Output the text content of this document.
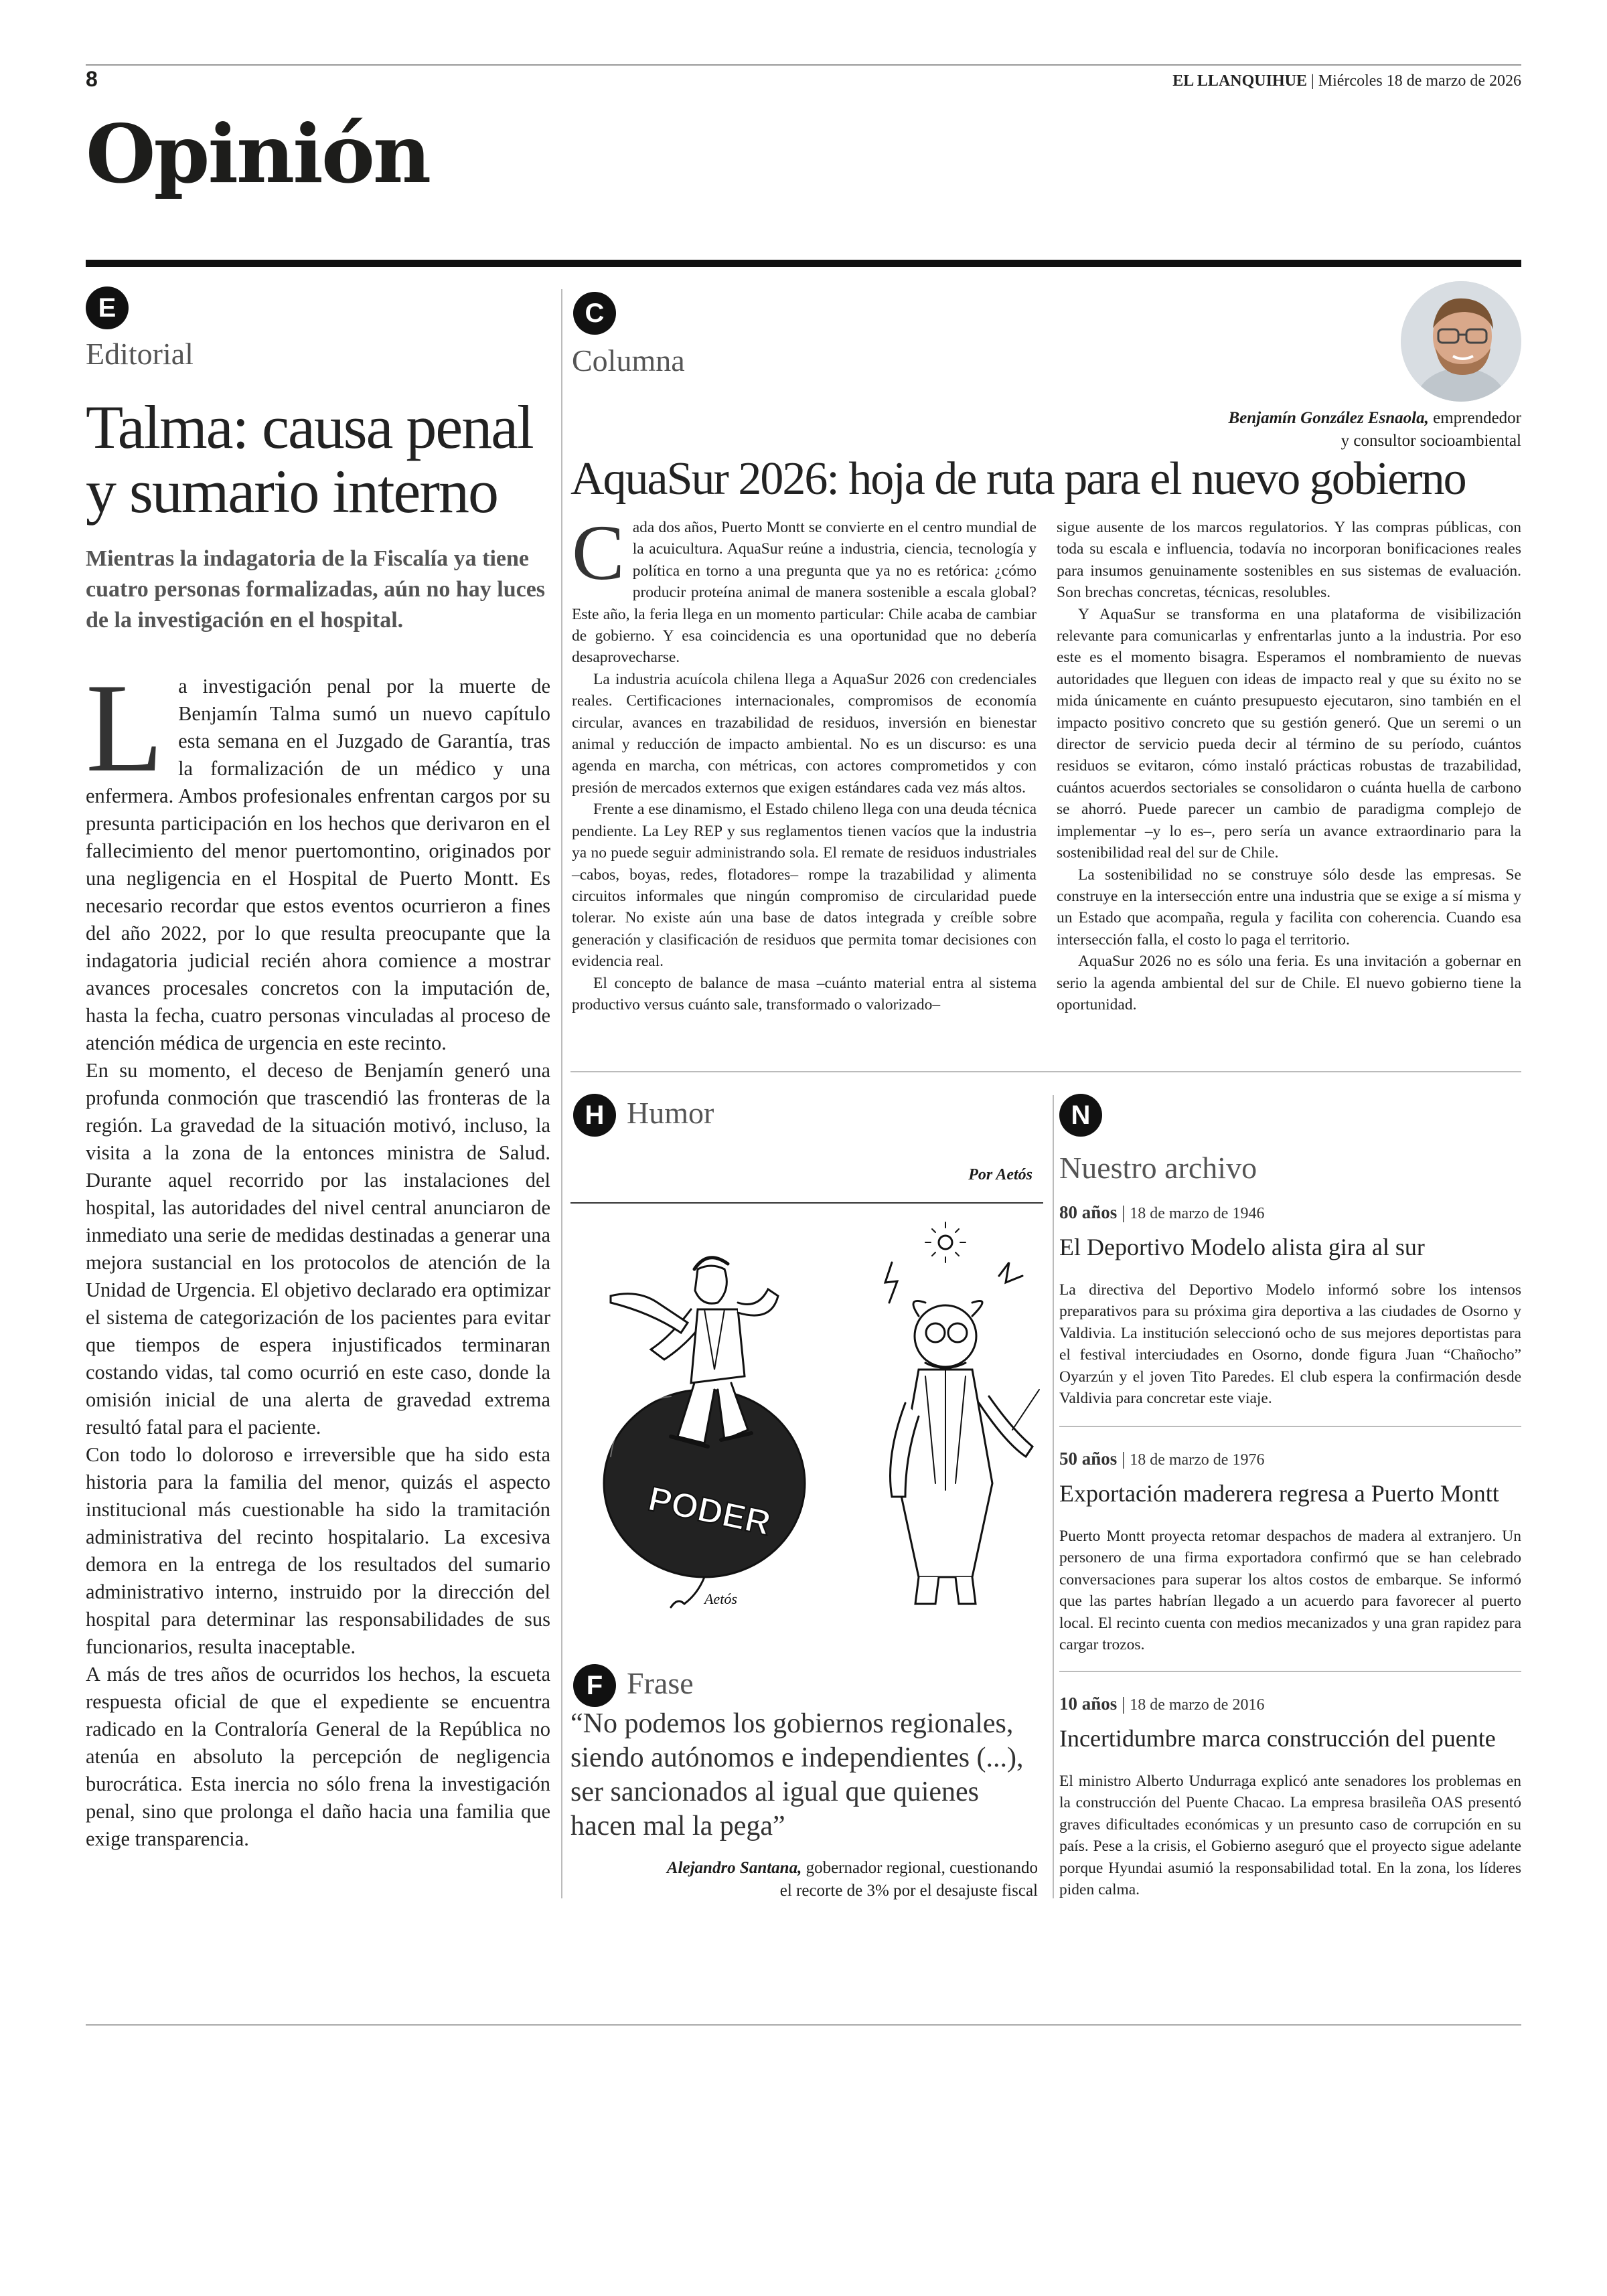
8	EL LLANQUIHUE | Miércoles 18 de marzo de 2026
Opinión
E
Editorial
Talma: causa penal y sumario interno
Mientras la indagatoria de la Fiscalía ya tiene cuatro personas formalizadas, aún no hay luces de la investigación en el hospital.

La investigación penal por la muerte de Benjamín Talma sumó un nuevo capítulo esta semana en el Juzgado de Garantía, tras la formalización de un médico y una enfermera. Ambos profesionales enfrentan cargos por su presunta participación en los hechos que derivaron en el fallecimiento del menor puertomontino, originados por una negligencia en el Hospital de Puerto Montt. Es necesario recordar que estos eventos ocurrieron a fines del año 2022, por lo que resulta preocupante que la indagatoria judicial recién ahora comience a mostrar avances procesales concretos con la imputación de, hasta la fecha, cuatro personas vinculadas al proceso de atención médica de urgencia en este recinto.

En su momento, el deceso de Benjamín generó una profunda conmoción que trascendió las fronteras de la región. La gravedad de la situación motivó, incluso, la visita a la zona de la entonces ministra de Salud. Durante aquel recorrido por las instalaciones del hospital, las autoridades del nivel central anunciaron de inmediato una serie de medidas destinadas a generar una mejora sustancial en los protocolos de atención de la Unidad de Urgencia. El objetivo declarado era optimizar el sistema de categorización de los pacientes para evitar que tiempos de espera injustificados terminaran costando vidas, tal como ocurrió en este caso, donde la omisión inicial de una alerta de gravedad extrema resultó fatal para el paciente.

Con todo lo doloroso e irreversible que ha sido esta historia para la familia del menor, quizás el aspecto institucional más cuestionable ha sido la tramitación administrativa del recinto hospitalario. La excesiva demora en la entrega de los resultados del sumario administrativo interno, instruido por la dirección del hospital para determinar las responsabilidades de sus funcionarios, resulta inaceptable.

A más de tres años de ocurridos los hechos, la escueta respuesta oficial de que el expediente se encuentra radicado en la Contraloría General de la República no atenúa en absoluto la percepción de negligencia burocrática. Esta inercia no sólo frena la investigación penal, sino que prolonga el daño hacia una familia que exige transparencia.

C
Columna
Benjamín González Esnaola, emprendedor
y consultor socioambiental
AquaSur 2026: hoja de ruta para el nuevo gobierno

Cada dos años, Puerto Montt se convierte en el centro mundial de la acuicultura. AquaSur reúne a industria, ciencia, tecnología y política en torno a una pregunta que ya no es retórica: ¿cómo producir proteína animal de manera sostenible a escala global? Este año, la feria llega en un momento particular: Chile acaba de cambiar de gobierno. Y esa coincidencia es una oportunidad que no debería desaprovecharse.

La industria acuícola chilena llega a AquaSur 2026 con credenciales reales. Certificaciones internacionales, compromisos de economía circular, avances en trazabilidad de residuos, inversión en bienestar animal y reducción de impacto ambiental. No es un discurso: es una agenda en marcha, con métricas, con actores comprometidos y con presión de mercados externos que exigen estándares cada vez más altos.

Frente a ese dinamismo, el Estado chileno llega con una deuda técnica pendiente. La Ley REP y sus reglamentos tienen vacíos que la industria ya no puede seguir administrando sola. El remate de residuos industriales –cabos, boyas, redes, flotadores– rompe la trazabilidad y alimenta circuitos informales que ningún compromiso de circularidad puede tolerar. No existe aún una base de datos integrada y creíble sobre generación y clasificación de residuos que permita tomar decisiones con evidencia real.

El concepto de balance de masa –cuánto material entra al sistema productivo versus cuánto sale, transformado o valorizado–

sigue ausente de los marcos regulatorios. Y las compras públicas, con toda su escala e influencia, todavía no incorporan bonificaciones reales para insumos genuinamente sostenibles en sus sistemas de evaluación. Son brechas concretas, técnicas, resolubles.

Y AquaSur se transforma en una plataforma de visibilización relevante para comunicarlas y enfrentarlas junto a la industria. Por eso este es el momento bisagra. Esperamos el nombramiento de nuevas autoridades que lleguen con ideas de impacto real y que su éxito no se mida únicamente en cuánto presupuesto ejecutaron, sino también en el impacto positivo concreto que su gestión generó. Que un seremi o un director de servicio pueda decir al término de su período, cuántos residuos se evitaron, cómo instaló prácticas robustas de trazabilidad, cuántos acuerdos sectoriales se consolidaron o cuánta huella de carbono se ahorró. Puede parecer un cambio de paradigma complejo de implementar –y lo es–, pero sería un avance extraordinario para la sostenibilidad real del sur de Chile.

La sostenibilidad no se construye sólo desde las empresas. Se construye en la intersección entre una industria que se exige a sí misma y un Estado que acompaña, regula y facilita con coherencia. Cuando esa intersección falla, el costo lo paga el territorio.

AquaSur 2026 no es sólo una feria. Es una invitación a gobernar en serio la agenda ambiental del sur de Chile. El nuevo gobierno tiene la oportunidad.

H Humor
Por Aetós
PODER
Aetós
F Frase
“No podemos los gobiernos regionales, siendo autónomos e independientes (...), ser sancionados al igual que quienes hacen mal la pega”
Alejandro Santana, gobernador regional, cuestionando
el recorte de 3% por el desajuste fiscal
N
Nuestro archivo
80 años | 18 de marzo de 1946
El Deportivo Modelo alista gira al sur
La directiva del Deportivo Modelo informó sobre los intensos preparativos para su próxima gira deportiva a las ciudades de Osorno y Valdivia. La institución seleccionó ocho de sus mejores deportistas para el festival interciudades en Osorno, donde figura Juan “Chañocho” Oyarzún y el joven Tito Paredes. El club espera la confirmación desde Valdivia para concretar este viaje.
50 años | 18 de marzo de 1976
Exportación maderera regresa a Puerto Montt
Puerto Montt proyecta retomar despachos de madera al extranjero. Un personero de una firma exportadora confirmó que se han celebrado conversaciones para superar los altos costos de embarque. Se informó que las partes habrían llegado a un acuerdo para favorecer al puerto local. El recinto cuenta con medios mecanizados y una gran rapidez para cargar trozos.
10 años | 18 de marzo de 2016
Incertidumbre marca construcción del puente
El ministro Alberto Undurraga explicó ante senadores los problemas en la construcción del Puente Chacao. La empresa brasileña OAS presentó graves dificultades económicas y un presunto caso de corrupción en su país. Pese a la crisis, el Gobierno aseguró que el proyecto sigue adelante porque Hyundai asumió la responsabilidad total. En la zona, los líderes piden calma.
